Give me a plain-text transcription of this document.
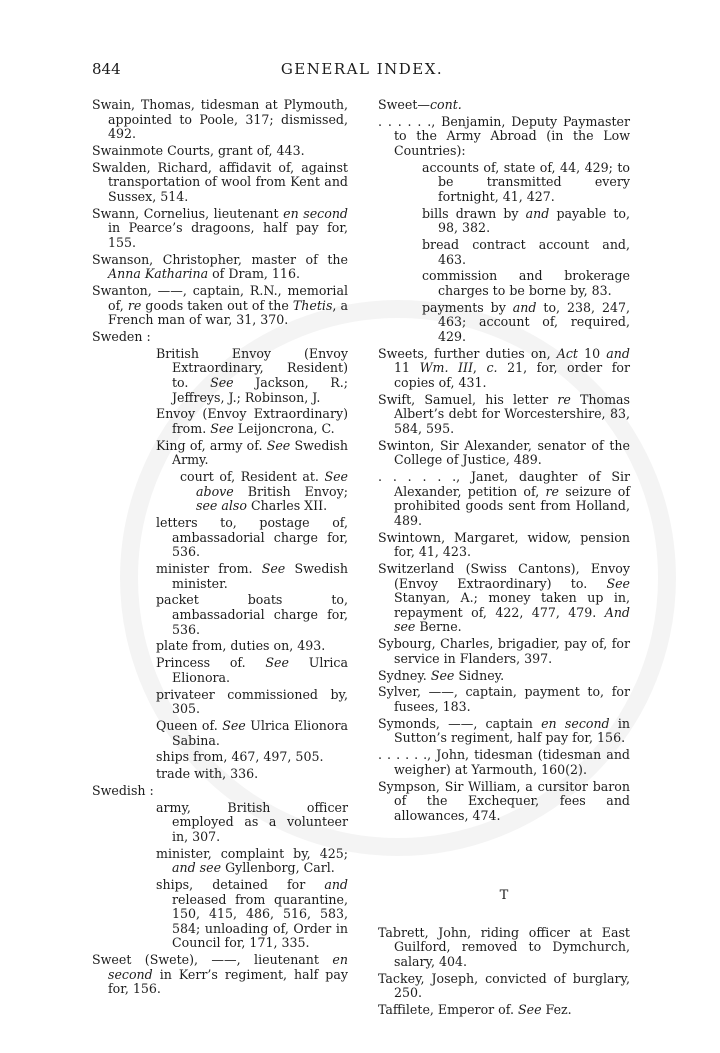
844	GENERAL INDEX.
Swain, Thomas, tidesman at Plymouth, appointed to Poole, 317; dismissed, 492.
Swainmote Courts, grant of, 443.
Swalden, Richard, affidavit of, against transportation of wool from Kent and Sussex, 514.
Swann, Cornelius, lieutenant en second in Pearce’s dragoons, half pay for, 155.
Swanson, Christopher, master of the Anna Katharina of Dram, 116.
Swanton, ——, captain, R.N., memorial of, re goods taken out of the Thetis, a French man of war, 31, 370.
Sweden :
British Envoy (Envoy Extraordinary, Resident) to. See Jackson, R.; Jeffreys, J.; Robinson, J.
Envoy (Envoy Extraordinary) from. See Leijoncrona, C.
King of, army of. See Swedish Army.
court of, Resident at. See above British Envoy; see also Charles XII.
letters to, postage of, ambassadorial charge for, 536.
minister from. See Swedish minister.
packet boats to, ambassadorial charge for, 536.
plate from, duties on, 493.
Princess of. See Ulrica Elionora.
privateer commissioned by, 305.
Queen of. See Ulrica Elionora Sabina.
ships from, 467, 497, 505.
trade with, 336.
Swedish :
army, British officer employed as a volunteer in, 307.
minister, complaint by, 425; and see Gyllenborg, Carl.
ships, detained for and released from quarantine, 150, 415, 486, 516, 583, 584; unloading of, Order in Council for, 171, 335.
Sweet (Swete), ——, lieutenant en second in Kerr’s regiment, half pay for, 156.
Sweet—cont.
. . . . . ., Benjamin, Deputy Paymaster to the Army Abroad (in the Low Countries):
accounts of, state of, 44, 429; to be transmitted every fortnight, 41, 427.
bills drawn by and payable to, 98, 382.
bread contract account and, 463.
commission and brokerage charges to be borne by, 83.
payments by and to, 238, 247, 463; account of, required, 429.
Sweets, further duties on, Act 10 and 11 Wm. III, c. 21, for, order for copies of, 431.
Swift, Samuel, his letter re Thomas Albert’s debt for Worcestershire, 83, 584, 595.
Swinton, Sir Alexander, senator of the College of Justice, 489.
. . . . . ., Janet, daughter of Sir Alexander, petition of, re seizure of prohibited goods sent from Holland, 489.
Swintown, Margaret, widow, pension for, 41, 423.
Switzerland (Swiss Cantons), Envoy (Envoy Extraordinary) to. See Stanyan, A.; money taken up in, repayment of, 422, 477, 479. And see Berne.
Sybourg, Charles, brigadier, pay of, for service in Flanders, 397.
Sydney. See Sidney.
Sylver, ——, captain, payment to, for fusees, 183.
Symonds, ——, captain en second in Sutton’s regiment, half pay for, 156.
. . . . . ., John, tidesman (tidesman and weigher) at Yarmouth, 160(2).
Sympson, Sir William, a cursitor baron of the Exchequer, fees and allowances, 474.
T
Tabrett, John, riding officer at East Guilford, removed to Dymchurch, salary, 404.
Tackey, Joseph, convicted of burglary, 250.
Taffilete, Emperor of. See Fez.
